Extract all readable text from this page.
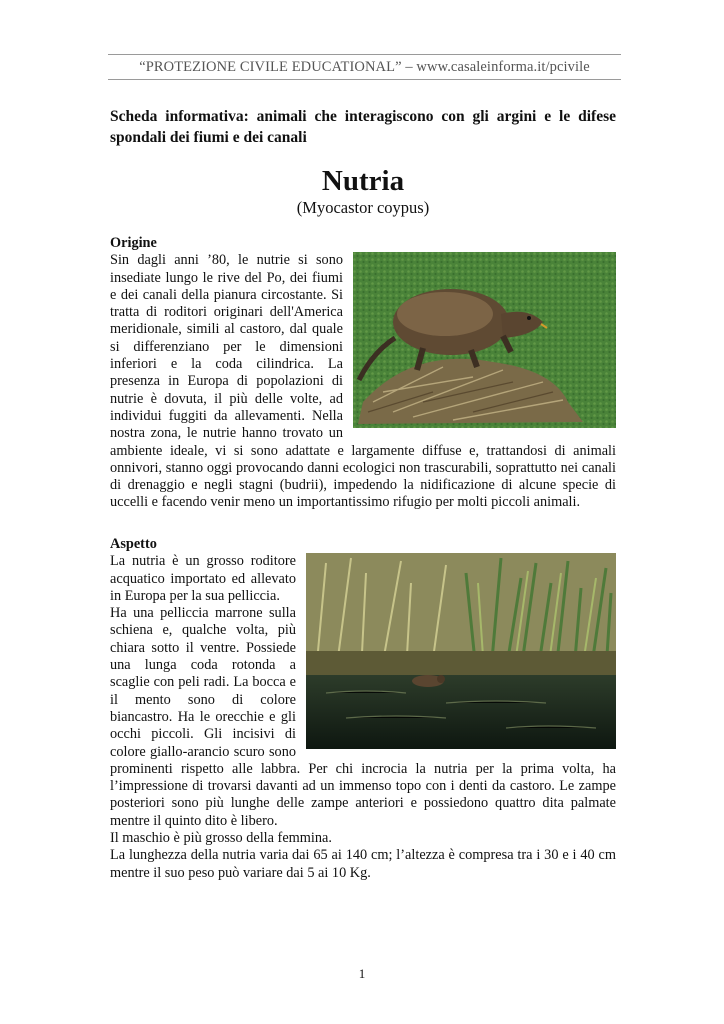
“PROTEZIONE CIVILE EDUCATIONAL” – www.casaleinforma.it/pcivile
Scheda informativa: animali che interagiscono con gli argini e le difese spondali dei fiumi e dei canali
Nutria
(Myocastor coypus)
Origine

Sin dagli anni ’80, le nutrie si sono insediate lungo le rive del Po, dei fiumi e dei canali della pianura circostante. Si tratta di roditori originari dell'America meridionale, simili al castoro, dal quale si differenziano per le dimensioni inferiori e la coda cilindrica. La presenza in Europa di popolazioni di nutrie è dovuta, il più delle volte, ad individui fuggiti da allevamenti. Nella nostra zona, le nutrie hanno trovato un ambiente ideale, vi si sono adattate e largamente diffuse e, trattandosi di animali onnivori, stanno oggi provocando danni ecologici non trascurabili, soprattutto nei canali di drenaggio e negli stagni (budrii), impedendo la nidificazione di alcune specie di uccelli e facendo venir meno un importantissimo rifugio per molti piccoli animali.

Aspetto

La nutria è un grosso roditore acquatico importato ed allevato in Europa per la sua pelliccia.

Ha una pelliccia marrone sulla schiena e, qualche volta, più chiara sotto il ventre. Possiede una lunga coda rotonda a scaglie con peli radi. La bocca e il mento sono di colore biancastro. Ha le orecchie e gli occhi piccoli. Gli incisivi di colore giallo-arancio scuro sono prominenti rispetto alle labbra. Per chi incrocia la nutria per la prima volta, ha l’impressione di trovarsi davanti ad un immenso topo con i denti da castoro. Le zampe posteriori sono più lunghe delle zampe anteriori e possiedono quattro dita palmate mentre il quinto dito è libero.

Il maschio è più grosso della femmina.

La lunghezza della nutria varia dai 65 ai 140 cm; l’altezza è compresa tra i 30 e i 40 cm mentre il suo peso può variare dai 5 ai 10 Kg.

1
